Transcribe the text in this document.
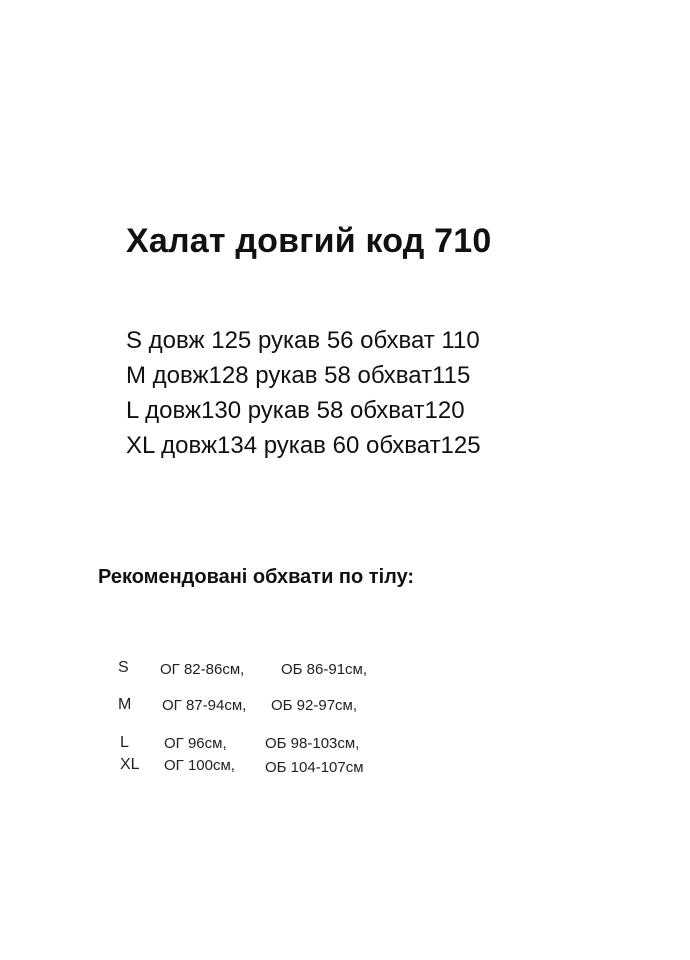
Халат довгий код 710
S довж 125 рукав 56 обхват 110
M довж128 рукав 58 обхват115
L довж130 рукав 58 обхват120
XL довж134 рукав 60 обхват125
Рекомендовані обхвати по тілу:
S ОГ 82-86см, ОБ 86-91см,
M ОГ 87-94см, ОБ 92-97см,
L ОГ 96см,	ОБ 98-103см,
XL ОГ 100см, ОБ 104-107см
